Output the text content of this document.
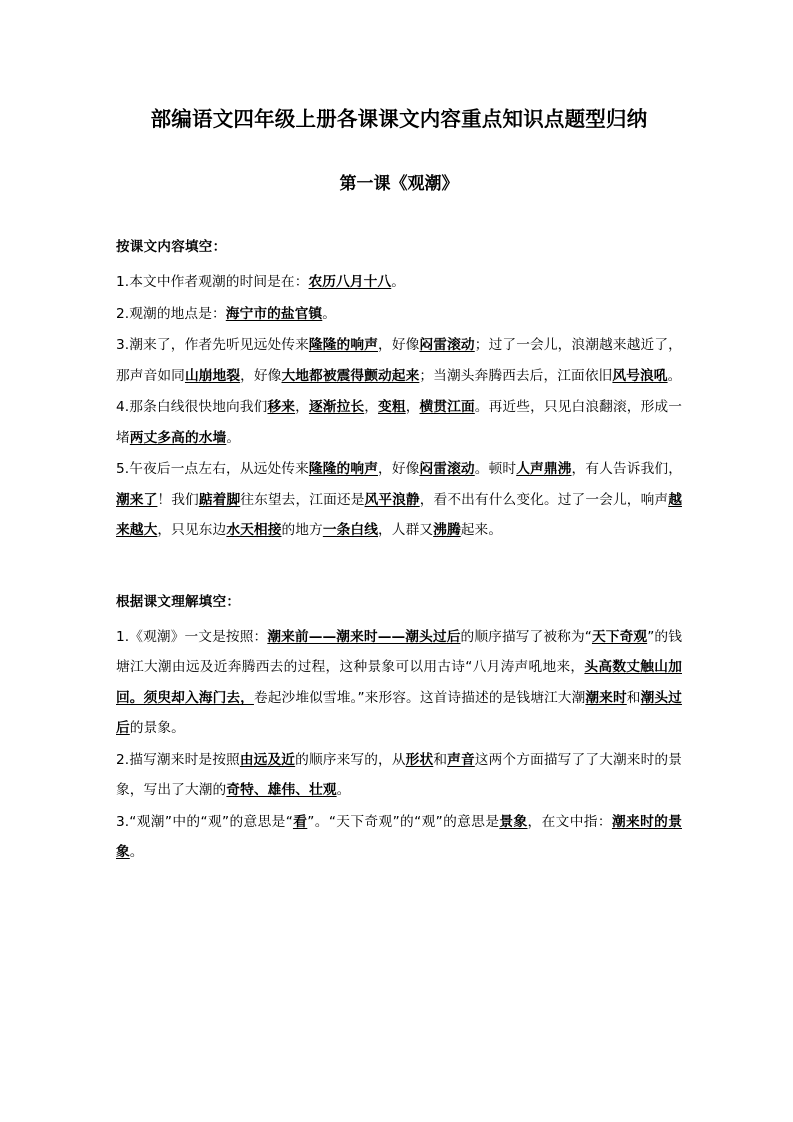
部编语文四年级上册各课课文内容重点知识点题型归纳
第一课《观潮》
按课文内容填空：

1.本文中作者观潮的时间是在：农历八月十八。

2.观潮的地点是：海宁市的盐官镇。

3.潮来了，作者先听见远处传来隆隆的响声，好像闷雷滚动；过了一会儿，浪潮越来越近了，那声音如同山崩地裂，好像大地都被震得颤动起来；当潮头奔腾西去后，江面依旧风号浪吼。

4.那条白线很快地向我们移来，逐渐拉长，变粗，横贯江面。再近些，只见白浪翻滚，形成一堵两丈多高的水墙。

5.午夜后一点左右，从远处传来隆隆的响声，好像闷雷滚动。顿时人声鼎沸，有人告诉我们，潮来了！我们踮着脚往东望去，江面还是风平浪静，看不出有什么变化。过了一会儿，响声越来越大，只见东边水天相接的地方一条白线，人群又沸腾起来。

根据课文理解填空：

1.《观潮》一文是按照：潮来前——潮来时——潮头过后的顺序描写了被称为“天下奇观”的钱塘江大潮由远及近奔腾西去的过程，这种景象可以用古诗“八月涛声吼地来，头高数丈触山加回。须臾却入海门去，卷起沙堆似雪堆。”来形容。这首诗描述的是钱塘江大潮潮来时和潮头过后的景象。

2.描写潮来时是按照由远及近的顺序来写的，从形状和声音这两个方面描写了了大潮来时的景象，写出了大潮的奇特、雄伟、壮观。

3.“观潮”中的“观”的意思是“看”。“天下奇观”的“观”的意思是景象，在文中指：潮来时的景象。
